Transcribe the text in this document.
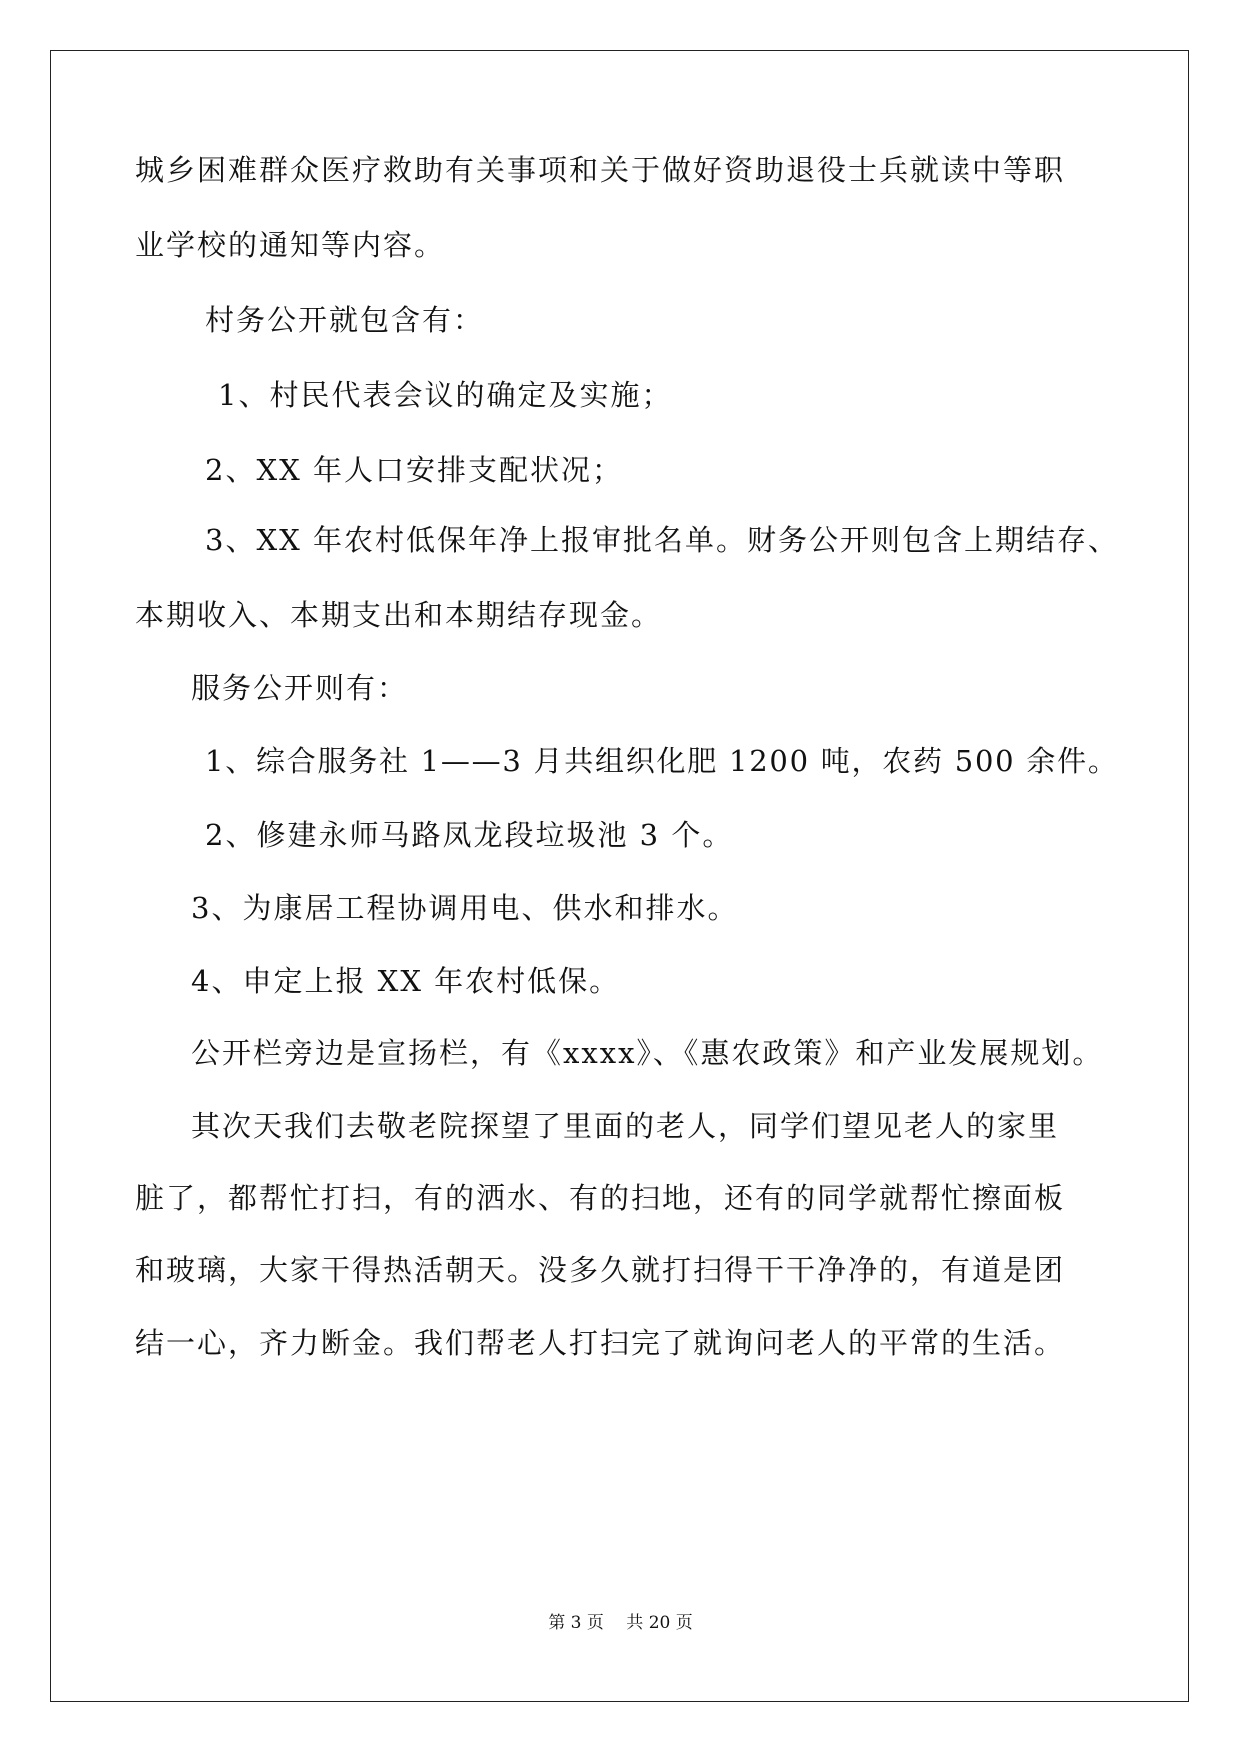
城乡困难群众医疗救助有关事项和关于做好资助退役士兵就读中等职
业学校的通知等内容。
村务公开就包含有：
1、村民代表会议的确定及实施；
2、XX 年人口安排支配状况；
3、XX 年农村低保年净上报审批名单。财务公开则包含上期结存、
本期收入、本期支出和本期结存现金。
服务公开则有：
1、综合服务社 1——3 月共组织化肥 1200 吨，农药 500 余件。
2、修建永师马路凤龙段垃圾池 3 个。
3、为康居工程协调用电、供水和排水。
4、申定上报 XX 年农村低保。
公开栏旁边是宣扬栏，有《xxxx》、《惠农政策》和产业发展规划。
其次天我们去敬老院探望了里面的老人，同学们望见老人的家里
脏了，都帮忙打扫，有的洒水、有的扫地，还有的同学就帮忙擦面板
和玻璃，大家干得热活朝天。没多久就打扫得干干净净的，有道是团
结一心，齐力断金。我们帮老人打扫完了就询问老人的平常的生活。
第 3 页　 共 20 页
